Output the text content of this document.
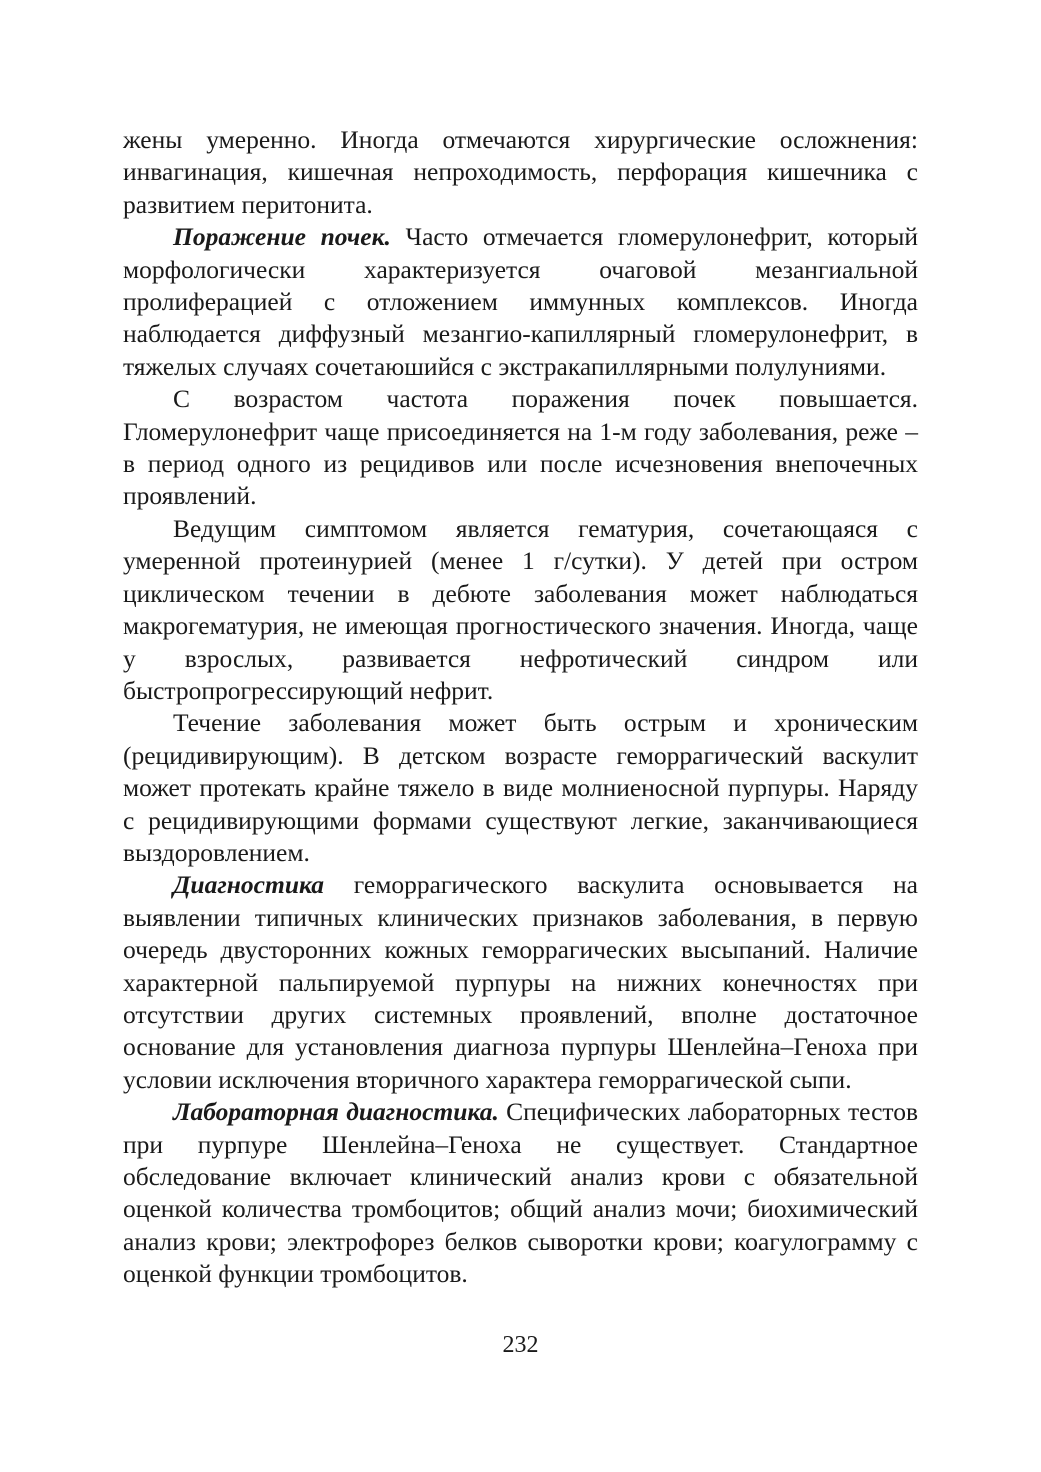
жены умеренно. Иногда отмечаются хирургические осложнения: инвагинация, кишечная непроходимость, перфорация кишечника с развитием перитонита.

Поражение почек. Часто отмечается гломерулонефрит, который морфологически характеризуется очаговой мезангиальной пролиферацией с отложением иммунных комплексов. Иногда наблюдается диффузный мезангио-капиллярный гломерулонефрит, в тяжелых случаях сочетаюшийся с экстракапиллярными полулуниями.

С возрастом частота поражения почек повышается. Гломерулонефрит чаще присоединяется на 1-м году заболевания, реже – в период одного из рецидивов или после исчезновения внепочечных проявлений.

Ведущим симптомом является гематурия, сочетающаяся с умеренной протеинурией (менее 1 г/сутки). У детей при остром циклическом течении в дебюте заболевания может наблюдаться макрогематурия, не имеющая прогностического значения. Иногда, чаще у взрослых, развивается нефротический синдром или быстропрогрессирующий нефрит.

Течение заболевания может быть острым и хроническим (рецидивирующим). В детском возрасте геморрагический васкулит может протекать крайне тяжело в виде молниеносной пурпуры. Наряду с рецидивирующими формами существуют легкие, заканчивающиеся выздоровлением.

Диагностика геморрагического васкулита основывается на выявлении типичных клинических признаков заболевания, в первую очередь двусторонних кожных геморрагических высыпаний. Наличие характерной пальпируемой пурпуры на нижних конечностях при отсутствии других системных проявлений, вполне достаточное основание для установления диагноза пурпуры Шенлейна–Геноха при условии исключения вторичного характера геморрагической сыпи.

Лабораторная диагностика. Специфических лабораторных тестов при пурпуре Шенлейна–Геноха не существует. Стандартное обследование включает клинический анализ крови с обязательной оценкой количества тромбоцитов; общий анализ мочи; биохимический анализ крови; электрофорез белков сыворотки крови; коагулограмму с оценкой функции тромбоцитов.

232
